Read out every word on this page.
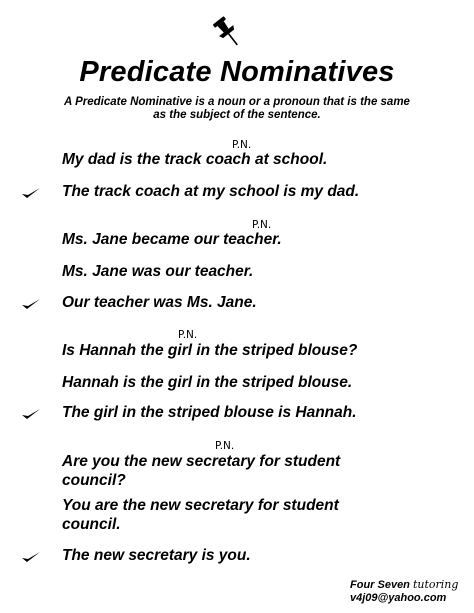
Predicate Nominatives
A Predicate Nominative is a noun or a pronoun that is the same
as the subject of the sentence.
P.N.
My dad is the track coach at school.
The track coach at my school is my dad.
P.N.
Ms. Jane became our teacher.
Ms. Jane was our teacher.
Our teacher was Ms. Jane.
P.N.
Is Hannah the girl in the striped blouse?
Hannah is the girl in the striped blouse.
The girl in the striped blouse is Hannah.
P.N.
Are you the new secretary for student council?
You are the new secretary for student council.
The new secretary is you.
Four Seven tutoring
v4j09@yahoo.com
